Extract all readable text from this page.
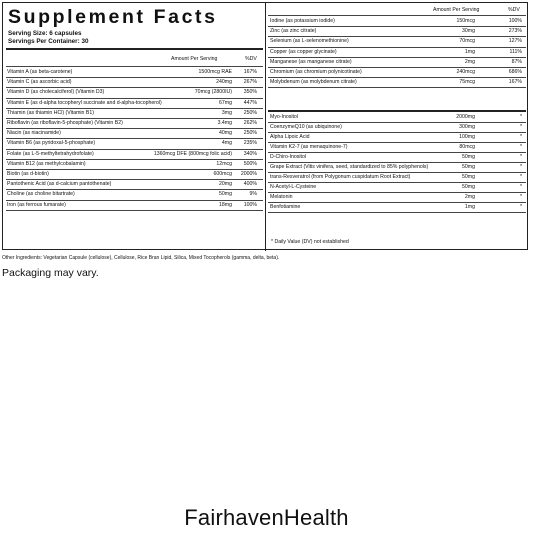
Supplement Facts
Serving Size: 6 capsules
Servings Per Container: 30
Amount Per Serving	%DV
Vitamin A (as beta-carotene)	1500mcg RAE 167%
Vitamin C (as ascorbic acid)	240mg 267%
Vitamin D (as cholecalciferol) (Vitamin D3)	70mcg (2800IU) 350%
Vitamin E (as d-alpha tocopheryl succinate and d-alpha-tocopherol)	67mg 447%
Thiamin (as thiamin HCl) (Vitamin B1)	3mg 250%
Riboflavin (as riboflavin-5-phosphate) (Vitamin B2)	3.4mg 262%
Niacin (as niacinamide)	40mg 250%
Vitamin B6 (as pyridoxal-5-phosphate)	4mg 235%
Folate (as L-5-methyltetrahydrofolate)	1360mcg DFE (800mcg folic acid) 340%
Vitamin B12 (as methylcobalamin)	12mcg 500%
Biotin (as d-biotin)	600mcg 2000%
Pantothenic Acid (as d-calcium pantothenate)	20mg 400%
Choline (as choline bitartrate)	50mg	9%
Iron (as ferrous fumarate)	18mg 100%
Amount Per Serving	%DV
Iodine (as potassium iodide)	150mcg	100%
Zinc (as zinc citrate)	30mg	273%
Selenium (as L-selenomethionine)	70mcg	127%
Copper (as copper glycinate)	1mg	111%
Manganese (as manganese citrate)	2mg	87%
Chromium (as chromium polynicotinate)	240mcg	686%
Molybdenum (as molybdenum citrate)	75mcg	167%
Myo-Inositol	2000mg	*
CoenzymeQ10 (as ubiquinone)	300mg	*
Alpha Lipoic Acid	100mg	*
Vitamin K2-7 (as menaquinone-7)	80mcg	*
D-Chiro-Inositol	50mg	*
Grape Extract (Vitis vinifera, seed, standardized to 85% polyphenols)	50mg	*
trans-Resveratrol (from Polygonum cuspidatum Root Extract)	50mg	*
N-Acetyl-L-Cysteine	50mg	*
Melatonin	2mg	*
Benfotiamine	1mg	*
* Daily Value (DV) not established
Other Ingredients: Vegetarian Capsule (cellulose), Cellulose, Rice Bran Lipid, Silica, Mixed Tocopherols (gamma, delta, beta).
Packaging may vary.
FairhavenHealth
